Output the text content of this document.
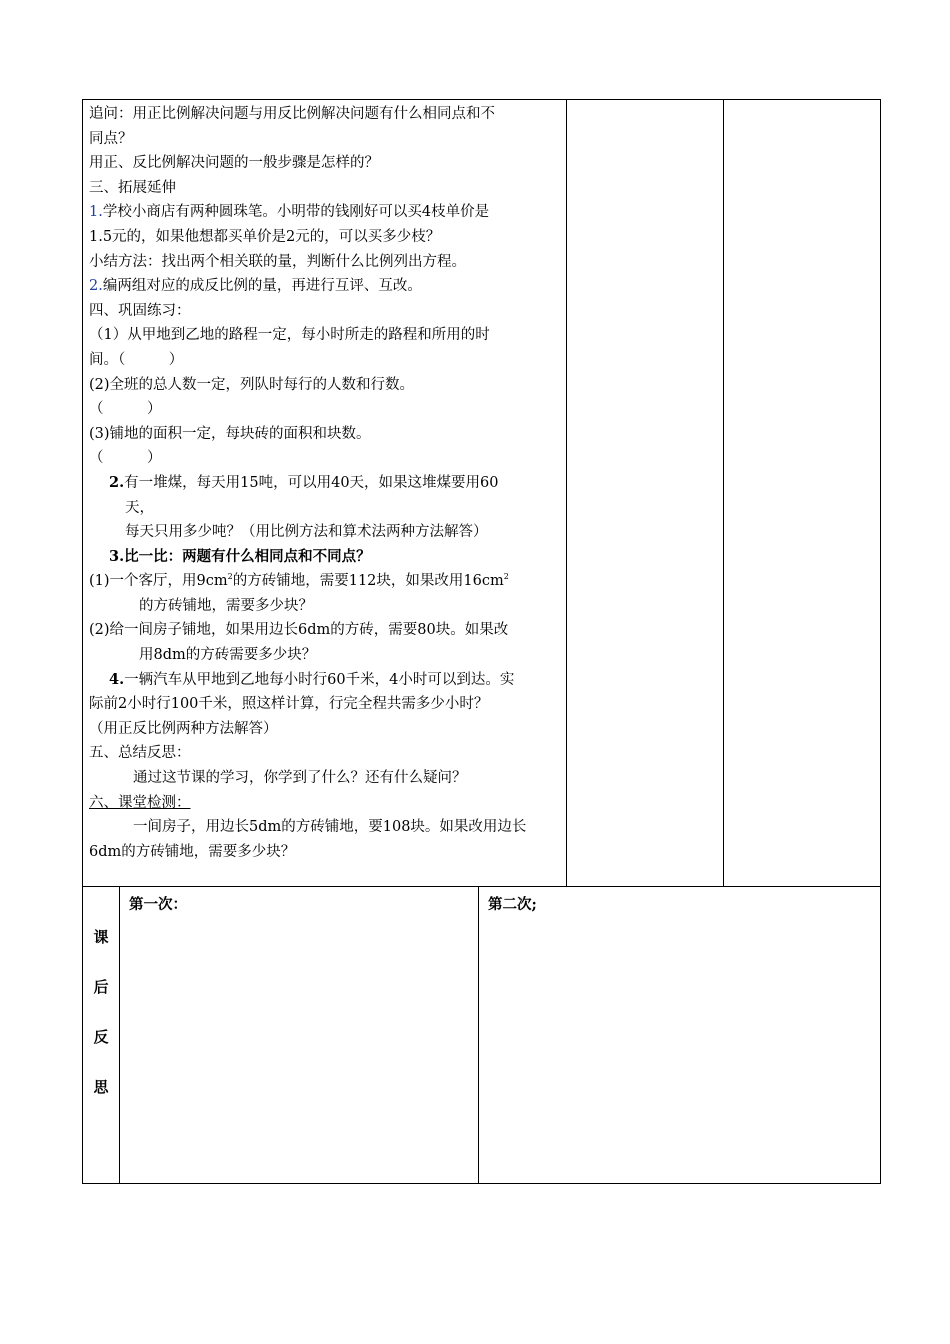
追问：用正比例解决问题与用反比例解决问题有什么相同点和不

同点？

用正、反比例解决问题的一般步骤是怎样的？

三、拓展延伸

1.学校小商店有两种圆珠笔。小明带的钱刚好可以买4枝单价是

1.5元的，如果他想都买单价是2元的，可以买多少枝？

小结方法：找出两个相关联的量，判断什么比例列出方程。

2.编两组对应的成反比例的量，再进行互评、互改。

四、巩固练习：

（1）从甲地到乙地的路程一定，每小时所走的路程和所用的时

间。（　　　）

(2)全班的总人数一定，列队时每行的人数和行数。

（　　　）

(3)铺地的面积一定，每块砖的面积和块数。

（　　　）

2.有一堆煤，每天用15吨，可以用40天，如果这堆煤要用60

天，

每天只用多少吨？（用比例方法和算术法两种方法解答）

3.比一比：两题有什么相同点和不同点？

(1)一个客厅，用$9cm^2$的方砖铺地，需要112块，如果改用$16cm^2$

的方砖铺地，需要多少块？

(2)给一间房子铺地，如果用边长6dm的方砖，需要80块。如果改

用8dm的方砖需要多少块？

4.一辆汽车从甲地到乙地每小时行60千米，4小时可以到达。实

际前2小时行100千米，照这样计算，行完全程共需多少小时？

（用正反比例两种方法解答）

五、总结反思：

通过这节课的学习，你学到了什么？还有什么疑问？

六、课堂检测：

一间房子，用边长5dm的方砖铺地，要108块。如果改用边长

6dm的方砖铺地，需要多少块？

课
后
反
思
第一次：	第二次;
